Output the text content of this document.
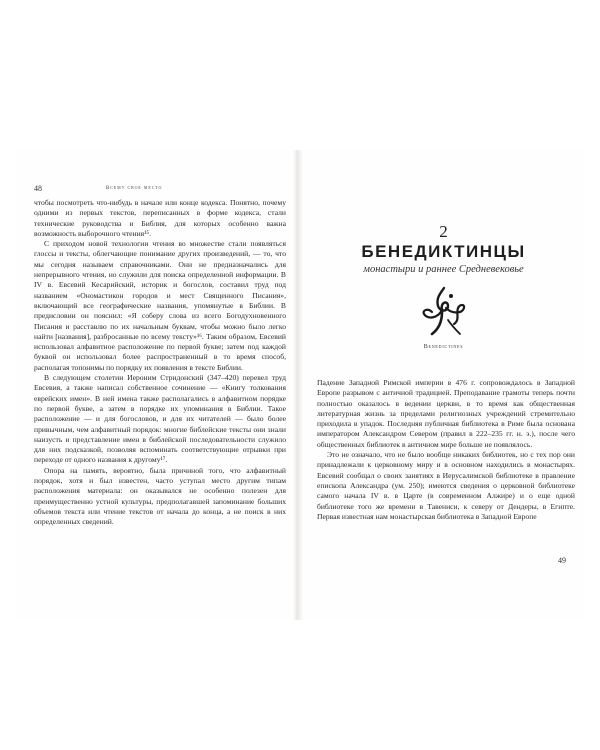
48	Всему свое место

чтобы посмотреть что-нибудь в начале или конце кодекса. Понятно, почему одними из первых текстов, переписанных в форме кодекса, стали технические руководства и Библия, для которых особенно важна возможность выборочного чтения¹⁵.

С приходом новой технологии чтения во множестве стали появляться глоссы и тексты, облегчающие понимание других произведений, — то, что мы сегодня называем справочниками. Они не предназначались для непрерывного чтения, но служили для поиска определенной информации. В IV в. Евсевий Кесарийский, историк и богослов, составил труд под названием «Ономастикон городов и мест Священного Писания», включающий все географические названия, упомянутые в Библии. В предисловии он пояснил: «Я соберу слова из всего Богодухновенного Писания и расставлю по их начальным буквам, чтобы можно было легко найти [названия], разбросанные по всему тексту»¹⁶. Таким образом, Евсевий использовал алфавитное расположение по первой букве; затем под каждой буквой он использовал более распространенный в то время способ, располагая топонимы по порядку их появления в тексте Библии.

В следующем столетии Иероним Стридонский (347–420) перевел труд Евсевия, а также написал собственное сочинение — «Книгу толкования еврейских имен». В ней имена также располагались в алфавитном порядке по первой букве, а затем в порядке их упоминания в Библии. Такое расположение — и для богословов, и для их читателей — было более привычным, чем алфавитный порядок: многие библейские тексты они знали наизусть и представление имен в библейской последовательности служило для них подсказкой, позволяя вспоминать соответствующие отрывки при переходе от одного названия к другому¹⁷.

Опора на память, вероятно, была причиной того, что алфавитный порядок, хотя и был известен, часто уступал место другим типам расположения материала: он оказывался не особенно полезен для преимущественно устной культуры, предполагавшей запоминание больших объемов текста или чтение текстов от начала до конца, а не поиск в них определенных сведений.

2
БЕНЕДИКТИНЦЫ
монастыри и раннее Средневековье
Benedictines

Падение Западной Римской империи в 476 г. сопровождалось в Западной Европе разрывом с античной традицией. Преподавание грамоты теперь почти полностью оказалось в ведении церкви, в то время как общественная литературная жизнь за пределами религиозных учреждений стремительно приходила в упадок. Последняя публичная библиотека в Риме была основана императором Александром Севером (правил в 222–235 гг. н. э.), после чего общественных библиотек в античном мире больше не появлялось.

Это не означало, что не было вообще никаких библиотек, но с тех пор они принадлежали к церковному миру и в основном находились в монастырях. Евсевий сообщал о своих занятиях в Иерусалимской библиотеке в правление епископа Александра (ум. 250); имеются сведения о церковной библиотеке самого начала IV в. в Царте (в современном Алжире) и о еще одной библиотеке того же времени в Тавениси, к северу от Дендеры, в Египте. Первая известная нам монастырская библиотека в Западной Европе

49
